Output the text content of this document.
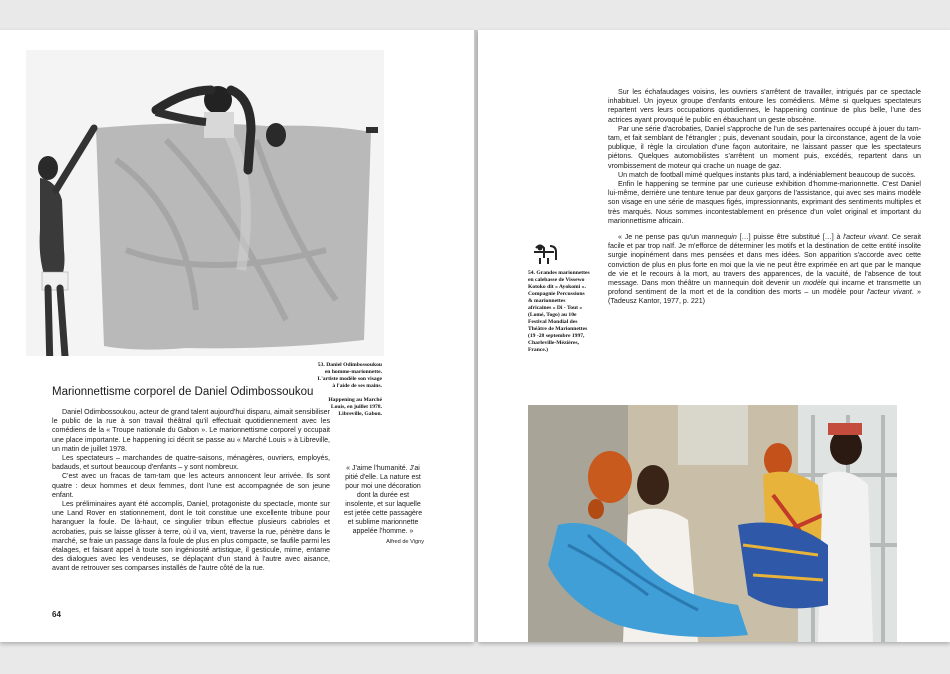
53. Daniel Odimbossoukou
en homme-marionnette.
L'artiste modèle son visage
à l'aide de ses mains.
Happening au Marché
Louis, en juillet 1978.
Libreville, Gabon.
Marionnettisme corporel de Daniel Odimbossoukou

Daniel Odimbossoukou, acteur de grand talent aujourd'hui disparu, aimait sensibiliser le public de la rue à son travail théâtral qu'il effectuait quotidiennement avec les comédiens de la « Troupe nationale du Gabon ». Le marionnettisme corporel y occupait une place importante. Le happening ici décrit se passe au « Marché Louis » à Libreville, un matin de juillet 1978.

Les spectateurs – marchandes de quatre-saisons, ménagères, ouvriers, employés, badauds, et surtout beaucoup d'enfants – y sont nombreux.

C'est avec un fracas de tam-tam que les acteurs annoncent leur arrivée. Ils sont quatre : deux hommes et deux femmes, dont l'une est accompagnée de son jeune enfant.

Les préliminaires ayant été accomplis, Daniel, protagoniste du spectacle, monte sur une Land Rover en stationnement, dont le toit constitue une excellente tribune pour haranguer la foule. De là-haut, ce singulier tribun effectue plusieurs cabrioles et acrobaties, puis se laisse glisser à terre, où il va, vient, traverse la rue, pénètre dans le marché, se fraie un passage dans la foule de plus en plus compacte, se faufile parmi les étalages, et faisant appel à toute son ingéniosité artistique, il gesticule, mime, entame des dialogues avec les vendeuses, se déplaçant d'un stand à l'autre avec aisance, avant de retrouver ses comparses installés de l'autre côté de la rue.

« J'aime l'humanité. J'ai pitié d'elle. La nature est pour moi une décoration dont la durée est insolente, et sur laquelle est jetée cette passagère et sublime marionnette appelée l'homme. »
Alfred de Vigny
64

Sur les échafaudages voisins, les ouvriers s'arrêtent de travailler, intrigués par ce spectacle inhabituel. Un joyeux groupe d'enfants entoure les comédiens. Même si quelques spectateurs repartent vers leurs occupations quotidiennes, le happening continue de plus belle, l'une des actrices ayant provoqué le public en ébauchant un geste obscène.

Par une série d'acrobaties, Daniel s'approche de l'un de ses partenaires occupé à jouer du tam-tam, et fait semblant de l'étrangler ; puis, devenant soudain, pour la circonstance, agent de la voie publique, il règle la circulation d'une façon autoritaire, ne laissant passer que les spectateurs piétons. Quelques automobilistes s'arrêtent un moment puis, excédés, repartent dans un vrombissement de moteur qui crache un nuage de gaz.

Un match de football mimé quelques instants plus tard, a indéniablement beaucoup de succès.

Enfin le happening se termine par une curieuse exhibition d'homme-marionnette. C'est Daniel lui-même, derrière une tenture tenue par deux garçons de l'assistance, qui avec ses mains modèle son visage en une série de masques figés, impressionnants, exprimant des sentiments multiples et très marqués. Nous sommes incontestablement en présence d'un volet original et important du marionnettisme africain.

« Je ne pense pas qu'un mannequin […] puisse être substitué […] à l'acteur vivant. Ce serait facile et par trop naïf. Je m'efforce de déterminer les motifs et la destination de cette entité insolite surgie inopinément dans mes pensées et dans mes idées. Son apparition s'accorde avec cette conviction de plus en plus forte en moi que la vie ne peut être exprimée en art que par le manque de vie et le recours à la mort, au travers des apparences, de la vacuité, de l'absence de tout message. Dans mon théâtre un mannequin doit devenir un modèle qui incarne et transmette un profond sentiment de la mort et de la condition des morts – un modèle pour l'acteur vivant. » (Tadeusz Kantor, 1977, p. 221)

54. Grandes marionnettes en calebasse de Vissewo Kotoko dit « Ayokomi ». Compagnie Percussions & marionnettes africaines « Di - Tout » (Lomé, Togo) au 10e Festival Mondial des Théâtre de Marionnettes (19 -28 septembre 1997, Charleville-Mézières, France.)
